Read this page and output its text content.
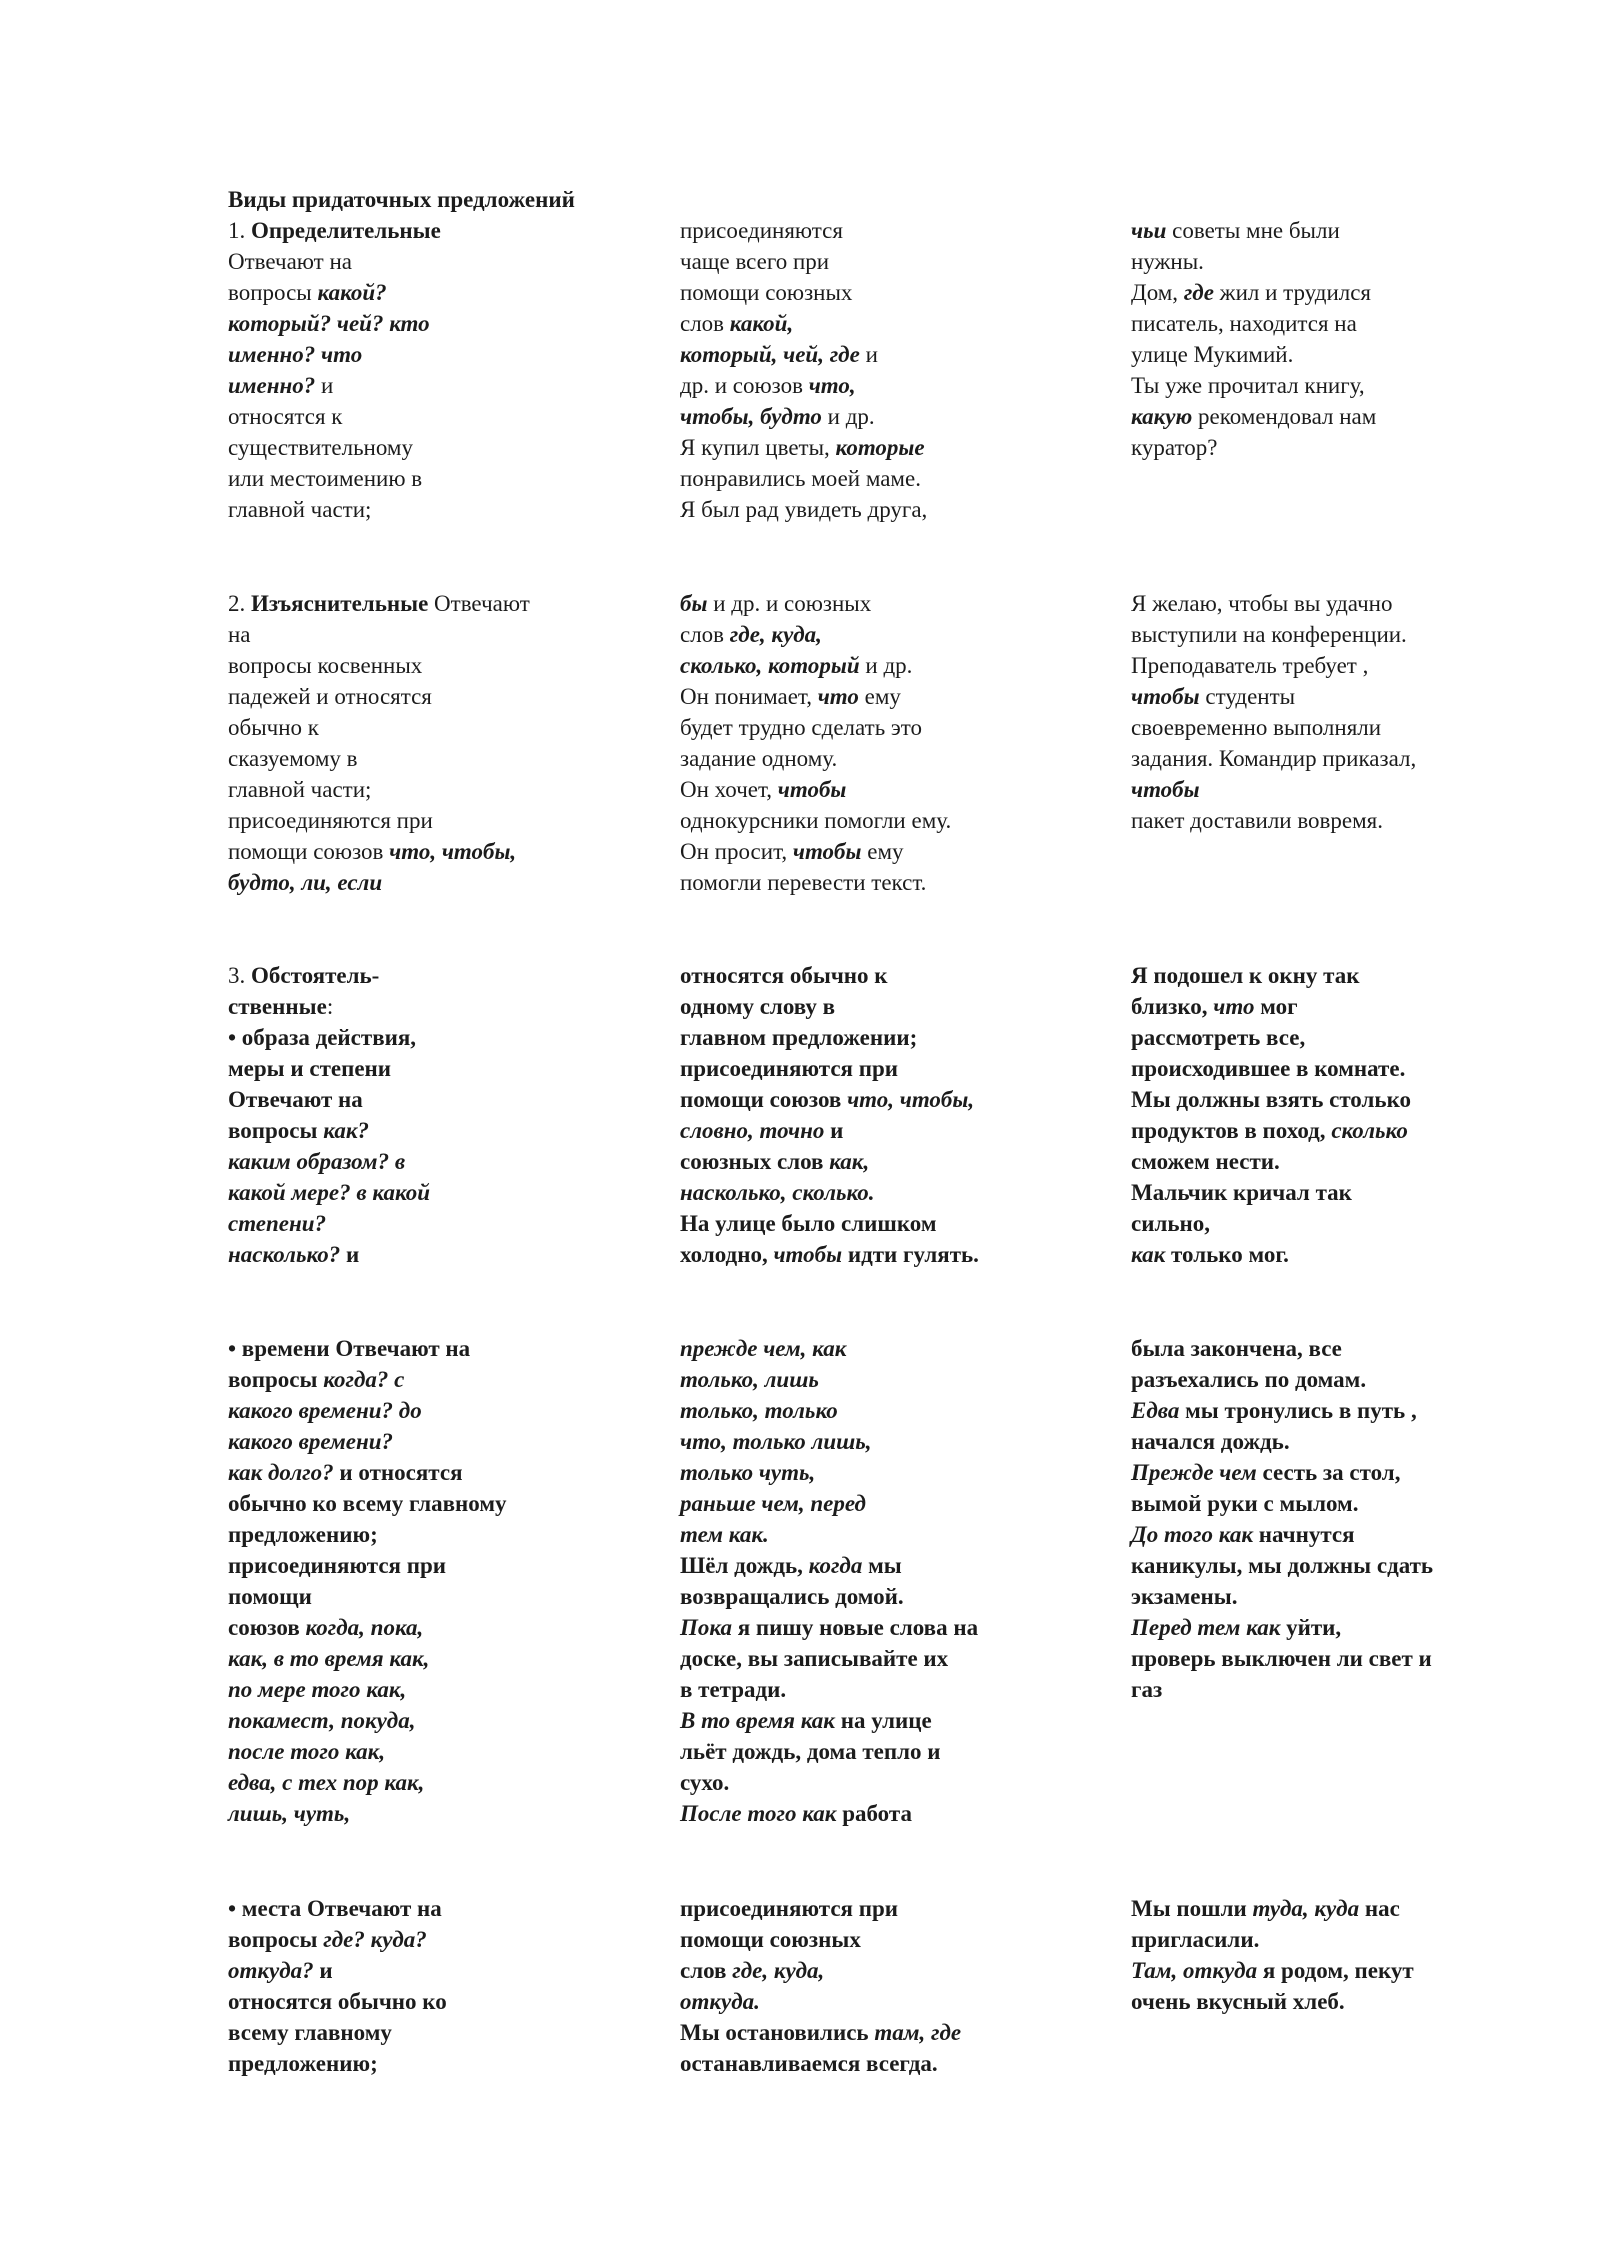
Виды придаточных предложений
1. Определительные
Отвечают на
вопросы какой?
который? чей? кто
именно? что
именно? и
относятся к
существительному
или местоимению в
главной части;
присоединяются
чаще всего при
помощи союзных
слов какой,
который, чей, где и
др. и союзов что,
чтобы, будто и др.
Я купил цветы, которые
понравились моей маме.
Я был рад увидеть друга,
чьи советы мне были
нужны.
Дом, где жил и трудился
писатель, находится на
улице Мукимий.
Ты уже прочитал книгу,
какую рекомендовал нам
куратор?
2. Изъяснительные Отвечают
на
вопросы косвенных
падежей и относятся
обычно к
сказуемому в
главной части;
присоединяются при
помощи союзов что, чтобы,
будто, ли, если
бы и др. и союзных
слов где, куда,
сколько, который и др.
Он понимает, что ему
будет трудно сделать это
задание одному.
Он хочет, чтобы
однокурсники помогли ему.
Он просит, чтобы ему
помогли перевести текст.
Я желаю, чтобы вы удачно
выступили на конференции.
Преподаватель требует ,
чтобы студенты
своевременно выполняли
задания. Командир приказал,
чтобы
пакет доставили вовремя.
3. Обстоятель-
ственные:
• образа действия,
меры и степени
Отвечают на
вопросы как?
каким образом? в
какой мере? в какой
степени?
насколько? и
относятся обычно к
одному слову в
главном предложении;
присоединяются при
помощи союзов что, чтобы,
словно, точно и
союзных слов как,
насколько, сколько.
На улице было слишком
холодно, чтобы идти гулять.
Я подошел к окну так
близко, что мог
рассмотреть все,
происходившее в комнате.
Мы должны взять столько
продуктов в поход, сколько
сможем нести.
Мальчик кричал так
сильно,
как только мог.
• времени Отвечают на
вопросы когда? с
какого времени? до
какого времени?
как долго? и относятся
обычно ко всему главному
предложению;
присоединяются при
помощи
союзов когда, пока,
как, в то время как,
по мере того как,
покамест, покуда,
после того как,
едва, с тех пор как,
лишь, чуть,
прежде чем, как
только, лишь
только, только
что, только лишь,
только чуть,
раньше чем, перед
тем как.
Шёл дождь, когда мы
возвращались домой.
Пока я пишу новые слова на
доске, вы записывайте их
в тетради.
В то время как на улице
льёт дождь, дома тепло и
сухо.
После того как работа
была закончена, все
разъехались по домам.
Едва мы тронулись в путь ,
начался дождь.
Прежде чем сесть за стол,
вымой руки с мылом.
До того как начнутся
каникулы, мы должны сдать
экзамены.
Перед тем как уйти,
проверь выключен ли свет и
газ
• места Отвечают на
вопросы где? куда?
откуда? и
относятся обычно ко
всему главному
предложению;
присоединяются при
помощи союзных
слов где, куда,
откуда.
Мы остановились там, где
останавливаемся всегда.
Мы пошли туда, куда нас
пригласили.
Там, откуда я родом, пекут
очень вкусный хлеб.
